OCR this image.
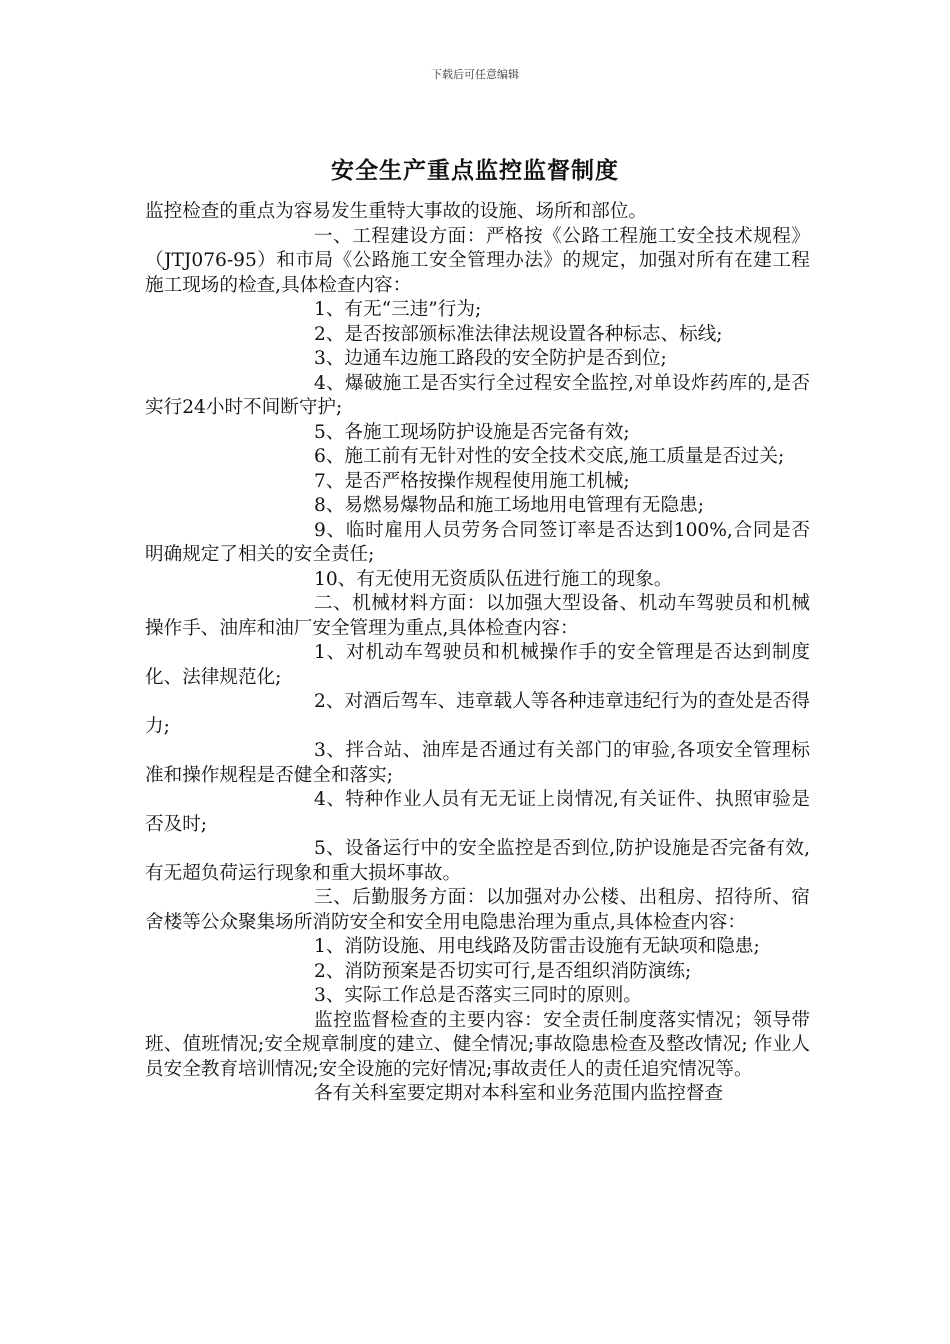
下载后可任意编辑
安全生产重点监控监督制度

监控检查的重点为容易发生重特大事故的设施、场所和部位。

一、工程建设方面：严格按《公路工程施工安全技术规程》（JTJ076-95）和市局《公路施工安全管理办法》的规定，加强对所有在建工程施工现场的检查,具体检查内容：

1、有无“三违”行为;

2、是否按部颁标准法律法规设置各种标志、标线;

3、边通车边施工路段的安全防护是否到位;

4、爆破施工是否实行全过程安全监控,对单设炸药库的,是否实行24小时不间断守护;

5、各施工现场防护设施是否完备有效;

6、施工前有无针对性的安全技术交底,施工质量是否过关;

7、是否严格按操作规程使用施工机械;

8、易燃易爆物品和施工场地用电管理有无隐患;

9、临时雇用人员劳务合同签订率是否达到100%,合同是否明确规定了相关的安全责任;

10、有无使用无资质队伍进行施工的现象。

二、机械材料方面：以加强大型设备、机动车驾驶员和机械操作手、油库和油厂安全管理为重点,具体检查内容：

1、对机动车驾驶员和机械操作手的安全管理是否达到制度化、法律规范化;

2、对酒后驾车、违章载人等各种违章违纪行为的查处是否得力;

3、拌合站、油库是否通过有关部门的审验,各项安全管理标准和操作规程是否健全和落实;

4、特种作业人员有无无证上岗情况,有关证件、执照审验是否及时;

5、设备运行中的安全监控是否到位,防护设施是否完备有效,有无超负荷运行现象和重大损坏事故。

三、后勤服务方面：以加强对办公楼、出租房、招待所、宿舍楼等公众聚集场所消防安全和安全用电隐患治理为重点,具体检查内容：

1、消防设施、用电线路及防雷击设施有无缺项和隐患;

2、消防预案是否切实可行,是否组织消防演练;

3、实际工作总是否落实三同时的原则。

监控监督检查的主要内容：安全责任制度落实情况；领导带班、值班情况;安全规章制度的建立、健全情况;事故隐患检查及整改情况; 作业人员安全教育培训情况;安全设施的完好情况;事故责任人的责任追究情况等。

各有关科室要定期对本科室和业务范围内监控督查
